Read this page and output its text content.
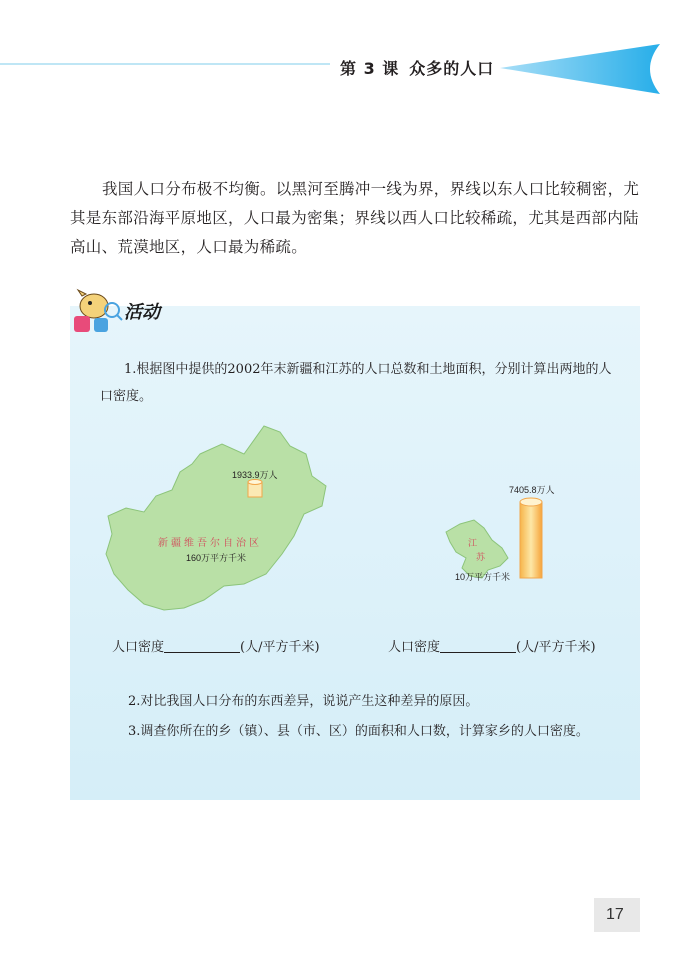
第 3 课 众多的人口
我国人口分布极不均衡。以黑河至腾冲一线为界，界线以东人口比较稠密，尤其是东部沿海平原地区，人口最为密集；界线以西人口比较稀疏，尤其是西部内陆高山、荒漠地区，人口最为稀疏。
活动
1.根据图中提供的2002年末新疆和江苏的人口总数和土地面积，分别计算出两地的人口密度。
1933.9万人
新疆维吾尔自治区
160万平方千米
江
苏
7405.8万人
10万平方千米
人口密度	(人/平方千米)	人口密度	(人/平方千米)
2.对比我国人口分布的东西差异，说说产生这种差异的原因。
3.调查你所在的乡（镇）、县（市、区）的面积和人口数，计算家乡的人口密度。
17
